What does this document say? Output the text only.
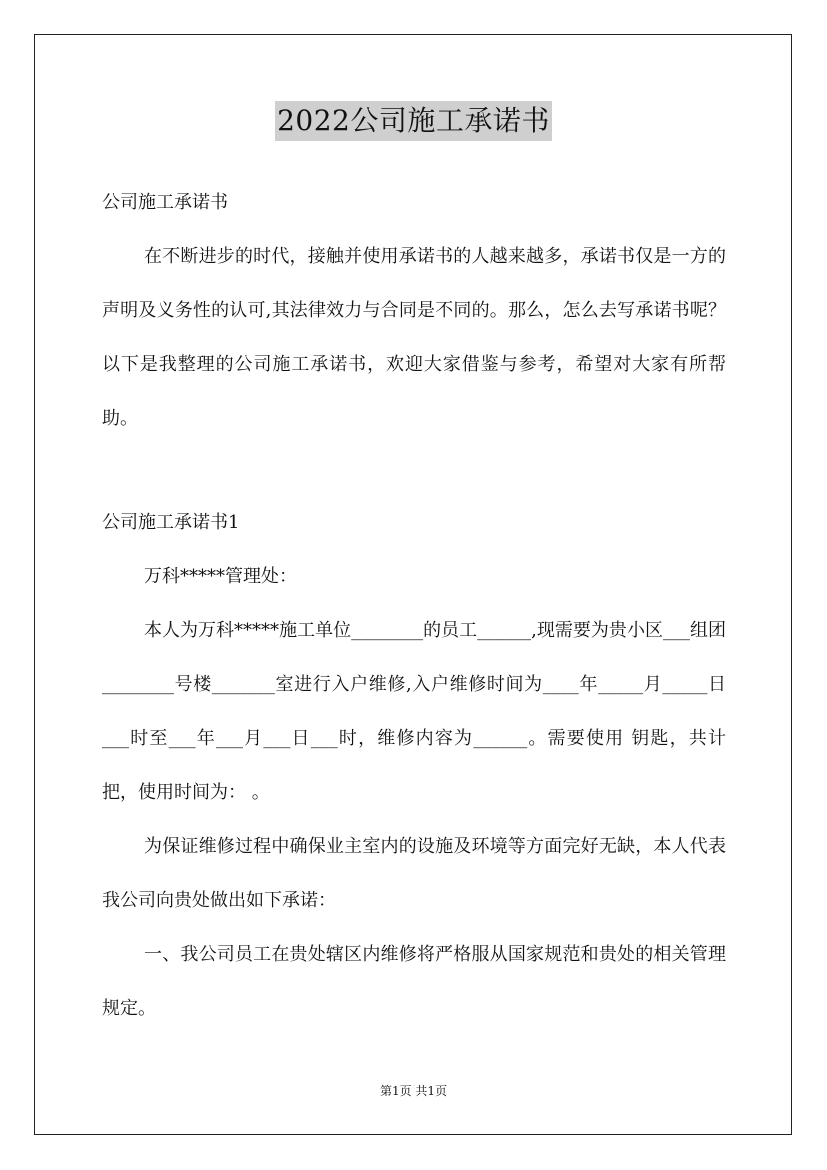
2022公司施工承诺书

公司施工承诺书

在不断进步的时代，接触并使用承诺书的人越来越多，承诺书仅是一方的声明及义务性的认可,其法律效力与合同是不同的。那么，怎么去写承诺书呢？以下是我整理的公司施工承诺书，欢迎大家借鉴与参考，希望对大家有所帮助。

公司施工承诺书1

万科*****管理处：

本人为万科*****施工单位________的员工______,现需要为贵小区___组团________号楼_______室进行入户维修,入户维修时间为____年_____月_____日___时至___年___月___日___时，维修内容为______。需要使用 钥匙，共计 把，使用时间为： 。

为保证维修过程中确保业主室内的设施及环境等方面完好无缺，本人代表我公司向贵处做出如下承诺：

一、我公司员工在贵处辖区内维修将严格服从国家规范和贵处的相关管理规定。

第1页 共1页
